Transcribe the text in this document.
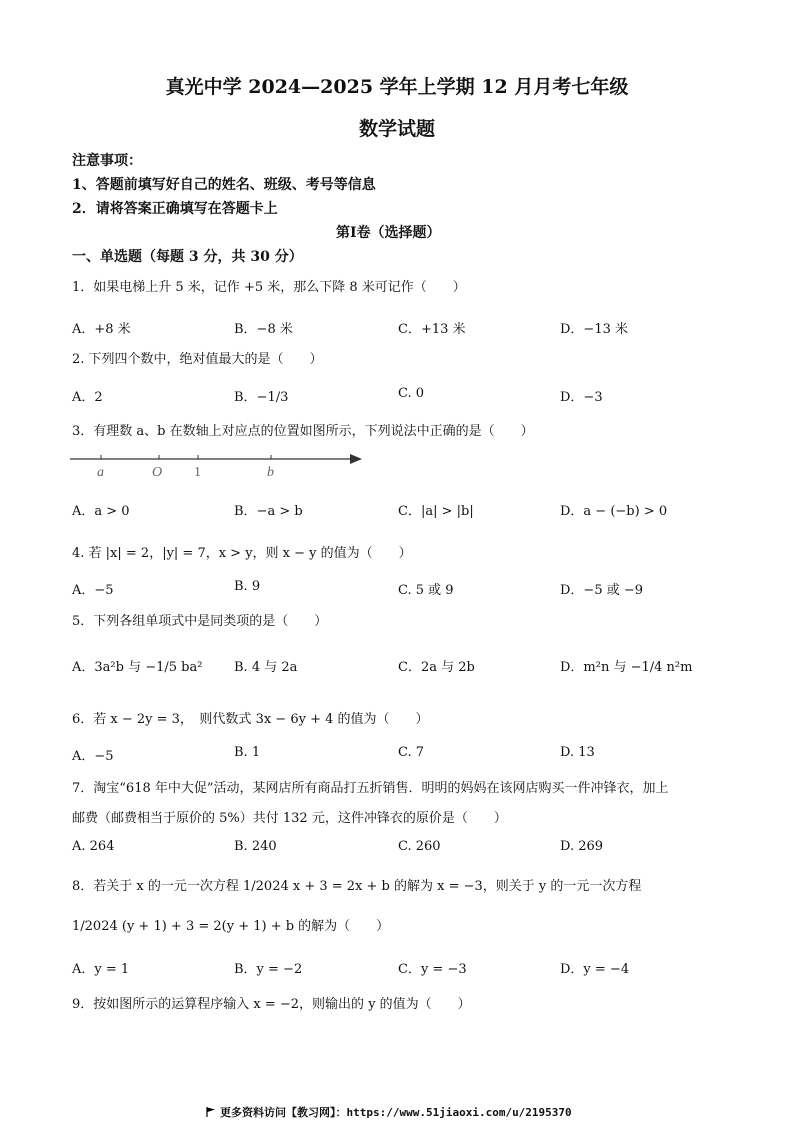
真光中学 2024—2025 学年上学期 12 月月考七年级
数学试题
注意事项：
1、答题前填写好自己的姓名、班级、考号等信息
2．请将答案正确填写在答题卡上
第Ⅰ卷（选择题）
一、单选题（每题 3 分，共 30 分）
1．如果电梯上升 5 米，记作 +5 米，那么下降 8 米可记作（　　）
A．+8 米	B．−8 米	C．+13 米	D．−13 米
2. 下列四个数中，绝对值最大的是（　　）
A．2	B．−1/3	C. 0	D．−3
3．有理数 a、b 在数轴上对应点的位置如图所示，下列说法中正确的是（　　）
a	O 1	b
A．a > 0	B．−a > b	C．|a| > |b|	D．a − (−b) > 0
4. 若 |x| = 2，|y| = 7，x > y，则 x − y 的值为（　　）
A．−5	B. 9	C. 5 或 9	D．−5 或 −9
5．下列各组单项式中是同类项的是（　　）
A．3a²b 与 −1/5 ba² B. 4 与 2a	C．2a 与 2b	D．m²n 与 −1/4 n²m
6．若 x − 2y = 3，　则代数式 3x − 6y + 4 的值为（　　）
A．−5	B. 1	C. 7	D. 13
7．淘宝“618 年中大促”活动，某网店所有商品打五折销售．明明的妈妈在该网店购买一件冲锋衣，加上
邮费（邮费相当于原价的 5%）共付 132 元，这件冲锋衣的原价是（　　）
A. 264	B. 240	C. 260	D. 269
8．若关于 x 的一元一次方程 1/2024 x + 3 = 2x + b 的解为 x = −3，则关于 y 的一元一次方程
1/2024 (y + 1) + 3 = 2(y + 1) + b 的解为（　　）
A．y = 1	B．y = −2	C．y = −3	D．y = −4
9．按如图所示的运算程序输入 x = −2，则输出的 y 的值为（　　）
更多资料访问【教习网】：https://www.51jiaoxi.com/u/2195370
